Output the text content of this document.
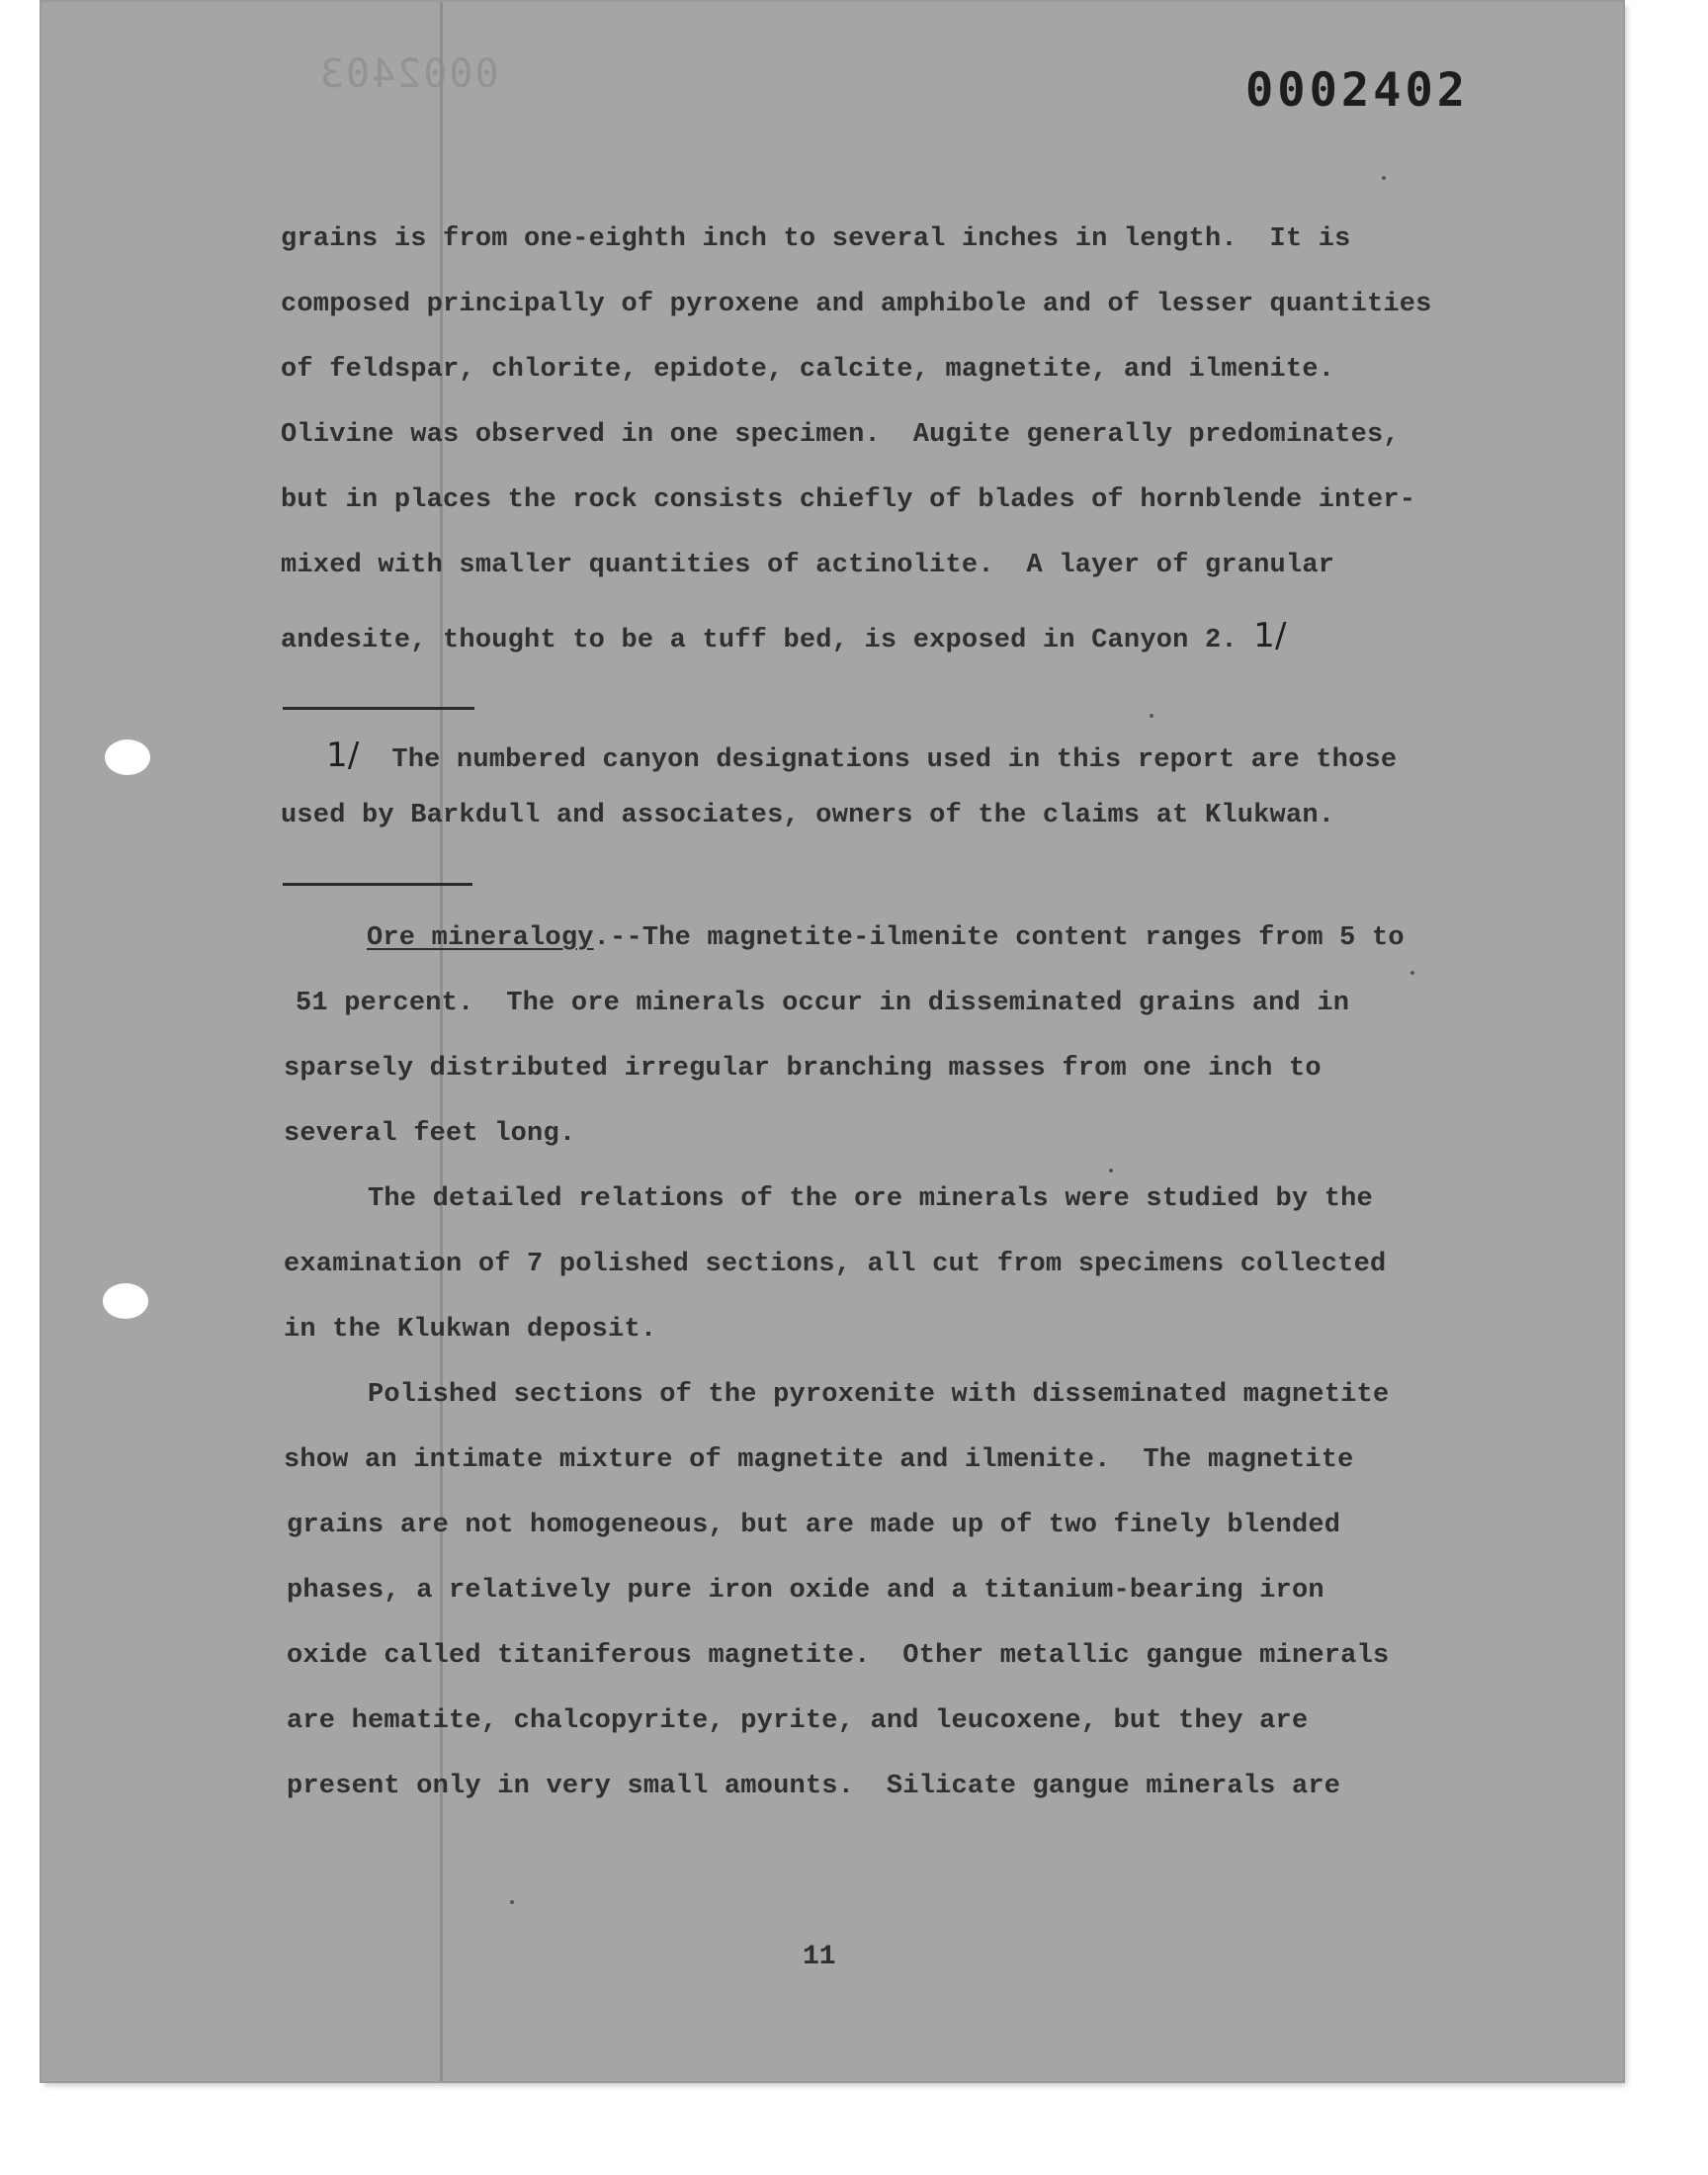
0002403	0002402
grains is from one-eighth inch to several inches in length.  It is
composed principally of pyroxene and amphibole and of lesser quantities
of feldspar, chlorite, epidote, calcite, magnetite, and ilmenite.
Olivine was observed in one specimen.  Augite generally predominates,
but in places the rock consists chiefly of blades of hornblende inter-
mixed with smaller quantities of actinolite.  A layer of granular
andesite, thought to be a tuff bed, is exposed in Canyon 2. 1/
1/ The numbered canyon designations used in this report are those
used by Barkdull and associates, owners of the claims at Klukwan.
Ore mineralogy.--The magnetite-ilmenite content ranges from 5 to
51 percent.  The ore minerals occur in disseminated grains and in
sparsely distributed irregular branching masses from one inch to
several feet long.
The detailed relations of the ore minerals were studied by the
examination of 7 polished sections, all cut from specimens collected
in the Klukwan deposit.
Polished sections of the pyroxenite with disseminated magnetite
show an intimate mixture of magnetite and ilmenite.  The magnetite
grains are not homogeneous, but are made up of two finely blended
phases, a relatively pure iron oxide and a titanium-bearing iron
oxide called titaniferous magnetite.  Other metallic gangue minerals
are hematite, chalcopyrite, pyrite, and leucoxene, but they are
present only in very small amounts.  Silicate gangue minerals are
11
